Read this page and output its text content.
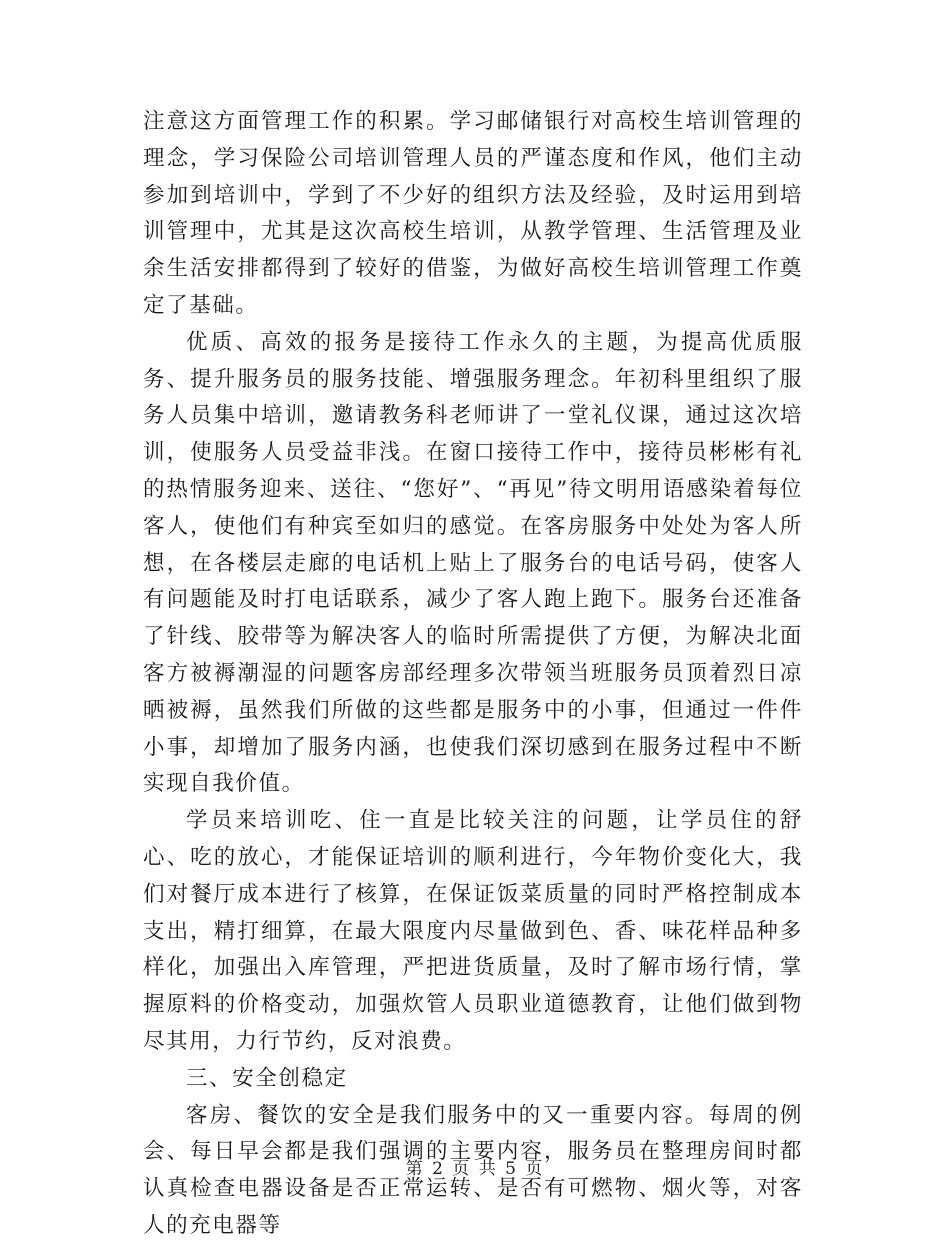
注意这方面管理工作的积累。学习邮储银行对高校生培训管理的理念，学习保险公司培训管理人员的严谨态度和作风，他们主动参加到培训中，学到了不少好的组织方法及经验，及时运用到培训管理中，尤其是这次高校生培训，从教学管理、生活管理及业余生活安排都得到了较好的借鉴，为做好高校生培训管理工作奠定了基础。

优质、高效的报务是接待工作永久的主题，为提高优质服务、提升服务员的服务技能、增强服务理念。年初科里组织了服务人员集中培训，邀请教务科老师讲了一堂礼仪课，通过这次培训，使服务人员受益非浅。在窗口接待工作中，接待员彬彬有礼的热情服务迎来、送往、“您好”、“再见”待文明用语感染着每位客人，使他们有种宾至如归的感觉。在客房服务中处处为客人所想，在各楼层走廊的电话机上贴上了服务台的电话号码，使客人有问题能及时打电话联系，减少了客人跑上跑下。服务台还准备了针线、胶带等为解决客人的临时所需提供了方便，为解决北面客方被褥潮湿的问题客房部经理多次带领当班服务员顶着烈日凉晒被褥，虽然我们所做的这些都是服务中的小事，但通过一件件小事，却增加了服务内涵，也使我们深切感到在服务过程中不断实现自我价值。

学员来培训吃、住一直是比较关注的问题，让学员住的舒心、吃的放心，才能保证培训的顺利进行，今年物价变化大，我们对餐厅成本进行了核算，在保证饭菜质量的同时严格控制成本支出，精打细算，在最大限度内尽量做到色、香、味花样品种多样化，加强出入库管理，严把进货质量，及时了解市场行情，掌握原料的价格变动，加强炊管人员职业道德教育，让他们做到物尽其用，力行节约，反对浪费。

三、安全创稳定

客房、餐饮的安全是我们服务中的又一重要内容。每周的例会、每日早会都是我们强调的主要内容，服务员在整理房间时都认真检查电器设备是否正常运转、是否有可燃物、烟火等，对客人的充电器等

第 2 页 共 5 页
